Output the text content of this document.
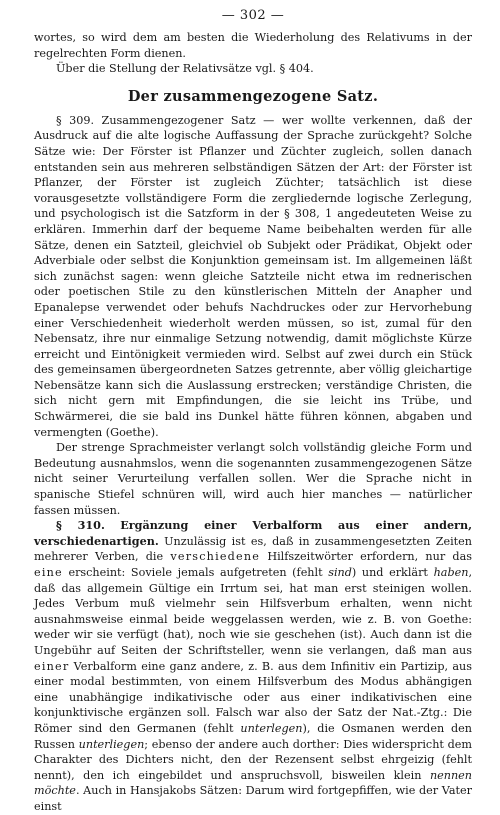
— 302 —

wortes, so wird dem am besten die Wiederholung des Relativums in der regelrechten Form dienen.

Über die Stellung der Relativsätze vgl. § 404.

Der zusammengezogene Satz.

§ 309. Zusammengezogener Satz — wer wollte verkennen, daß der Ausdruck auf die alte logische Auffassung der Sprache zurückgeht? Solche Sätze wie: Der Förster ist Pflanzer und Züchter zugleich, sollen danach entstanden sein aus mehreren selbständigen Sätzen der Art: der Förster ist Pflanzer, der Förster ist zugleich Züchter; tatsächlich ist diese vorausgesetzte vollständigere Form die zergliedernde logische Zerlegung, und psychologisch ist die Satzform in der § 308, 1 angedeuteten Weise zu erklären. Immerhin darf der bequeme Name beibehalten werden für alle Sätze, denen ein Satzteil, gleichviel ob Subjekt oder Prädikat, Objekt oder Adverbiale oder selbst die Konjunktion gemeinsam ist. Im allgemeinen läßt sich zunächst sagen: wenn gleiche Satzteile nicht etwa im rednerischen oder poetischen Stile zu den künstlerischen Mitteln der Anapher und Epanalepse verwendet oder behufs Nachdruckes oder zur Hervorhebung einer Verschiedenheit wiederholt werden müssen, so ist, zumal für den Nebensatz, ihre nur einmalige Setzung notwendig, damit möglichste Kürze erreicht und Eintönigkeit vermieden wird. Selbst auf zwei durch ein Stück des gemeinsamen übergeordneten Satzes getrennte, aber völlig gleichartige Nebensätze kann sich die Auslassung erstrecken; verständige Christen, die sich nicht gern mit Empfindungen, die sie leicht ins Trübe, und Schwärmerei, die sie bald ins Dunkel hätte führen können, abgaben und vermengten (Goethe).

Der strenge Sprachmeister verlangt solch vollständig gleiche Form und Bedeutung ausnahmslos, wenn die sogenannten zusammengezogenen Sätze nicht seiner Verurteilung verfallen sollen. Wer die Sprache nicht in spanische Stiefel schnüren will, wird auch hier manches — natürlicher fassen müssen.

§ 310. Ergänzung einer Verbalform aus einer andern, verschiedenartigen. Unzulässig ist es, daß in zusammengesetzten Zeiten mehrerer Verben, die verschiedene Hilfszeitwörter erfordern, nur das eine erscheint: Soviele jemals aufgetreten (fehlt sind) und erklärt haben, daß das allgemein Gültige ein Irrtum sei, hat man erst steinigen wollen. Jedes Verbum muß vielmehr sein Hilfsverbum erhalten, wenn nicht ausnahmsweise einmal beide weggelassen werden, wie z. B. von Goethe: weder wir sie verfügt (hat), noch wie sie geschehen (ist). Auch dann ist die Ungebühr auf Seiten der Schriftsteller, wenn sie verlangen, daß man aus einer Verbalform eine ganz andere, z. B. aus dem Infinitiv ein Partizip, aus einer modal bestimmten, von einem Hilfsverbum des Modus abhängigen eine unabhängige indikativische oder aus einer indikativischen eine konjunktivische ergänzen soll. Falsch war also der Satz der Nat.-Ztg.: Die Römer sind den Germanen (fehlt unterlegen), die Osmanen werden den Russen unterliegen; ebenso der andere auch dorther: Dies widerspricht dem Charakter des Dichters nicht, den der Rezensent selbst ehrgeizig (fehlt nennt), den ich eingebildet und anspruchsvoll, bisweilen klein nennen möchte. Auch in Hansjakobs Sätzen: Darum wird fortgepfiffen, wie der Vater einst
